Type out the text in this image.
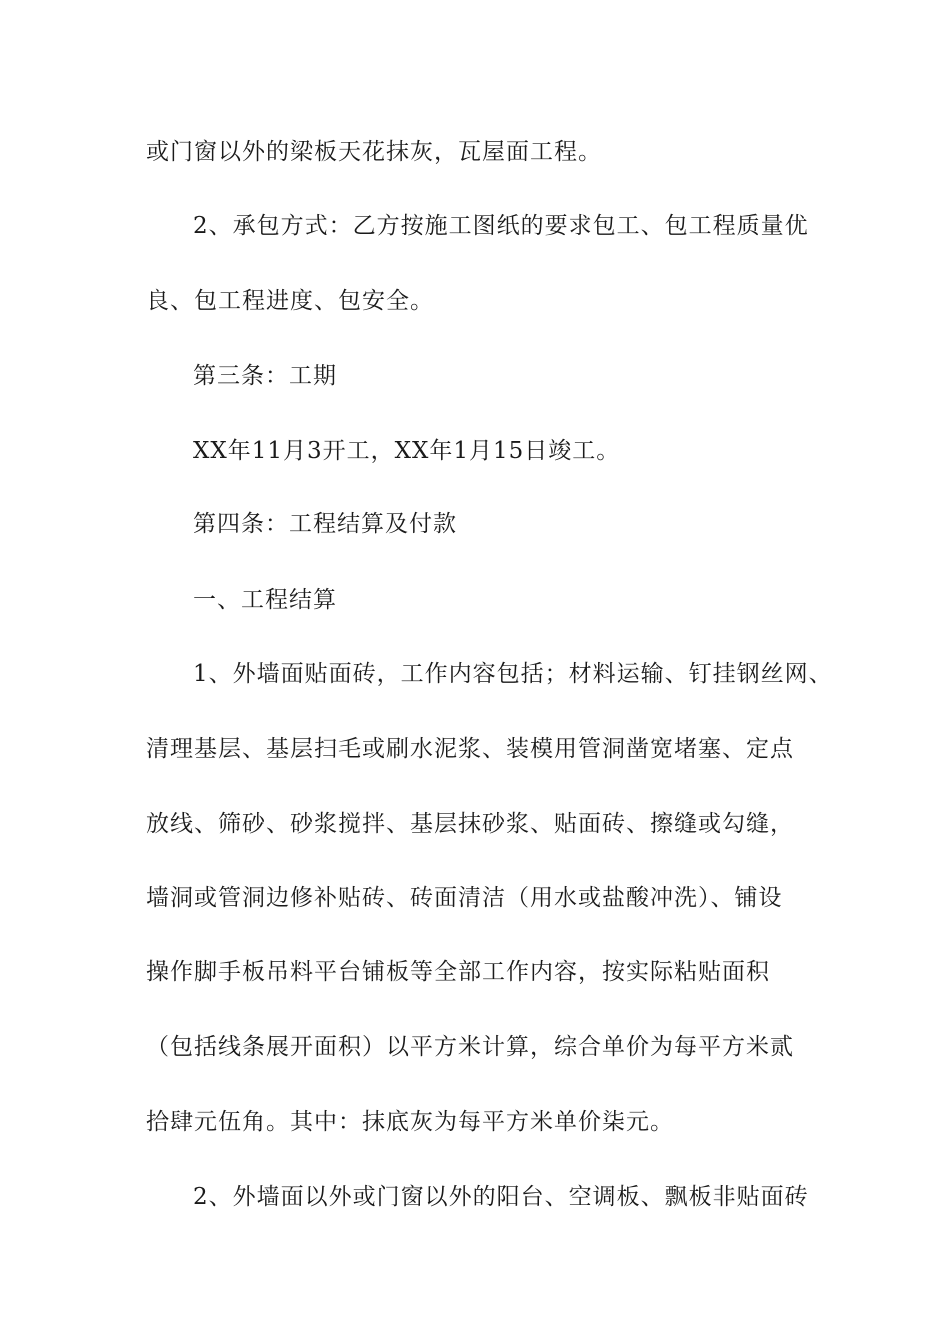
或门窗以外的梁板天花抹灰，瓦屋面工程。
2、承包方式：乙方按施工图纸的要求包工、包工程质量优
良、包工程进度、包安全。
第三条：工期
XX年11月3开工，XX年1月15日竣工。
第四条：工程结算及付款
一、工程结算
1、外墙面贴面砖，工作内容包括；材料运输、钉挂钢丝网、
清理基层、基层扫毛或刷水泥浆、装模用管洞凿宽堵塞、定点
放线、筛砂、砂浆搅拌、基层抹砂浆、贴面砖、擦缝或勾缝，
墙洞或管洞边修补贴砖、砖面清洁（用水或盐酸冲洗）、铺设
操作脚手板吊料平台铺板等全部工作内容，按实际粘贴面积
（包括线条展开面积）以平方米计算，综合单价为每平方米贰
拾肆元伍角。其中：抹底灰为每平方米单价柒元。
2、外墙面以外或门窗以外的阳台、空调板、飘板非贴面砖
